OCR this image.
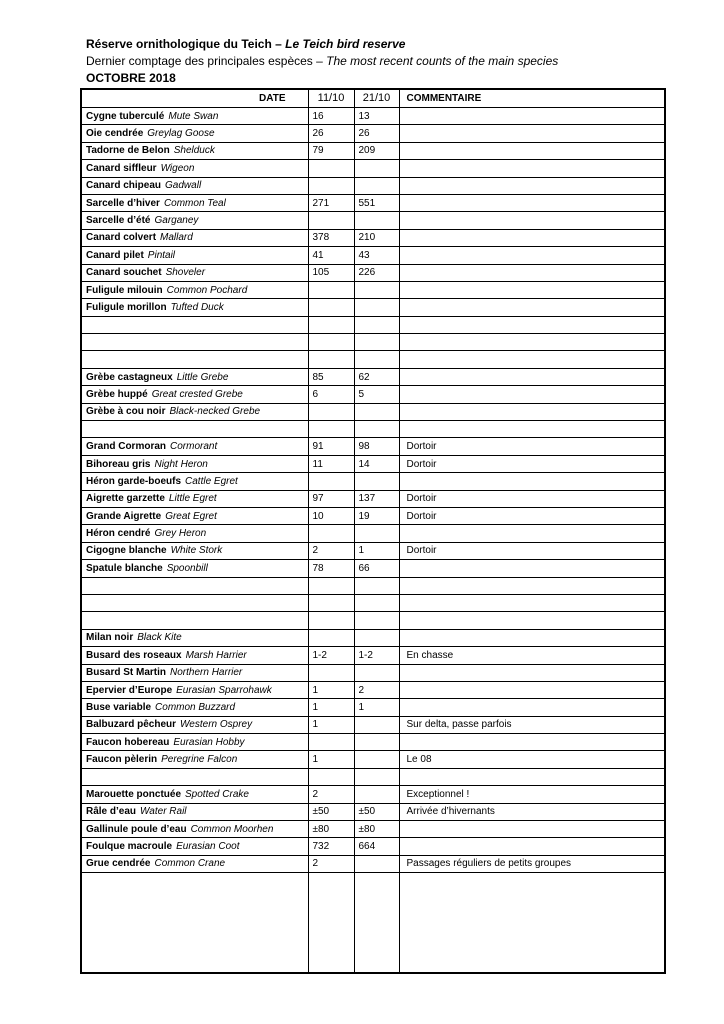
Réserve ornithologique du Teich – Le Teich bird reserve
Dernier comptage des principales espèces – The most recent counts of the main species
OCTOBRE 2018
DATE	11/10	21/10	COMMENTAIRE
Cygne tuberculé Mute Swan	16	13	
Oie cendrée Greylag Goose	26	26	
Tadorne de Belon Shelduck	79	209	
Canard siffleur Wigeon			
Canard chipeau Gadwall			
Sarcelle d’hiver Common Teal	271	551	
Sarcelle d’été Garganey			
Canard colvert Mallard	378	210	
Canard pilet Pintail	41	43	
Canard souchet Shoveler	105	226	
Fuligule milouin Common Pochard			
Fuligule morillon Tufted Duck			

Grèbe castagneux Little Grebe	85	62	
Grèbe huppé Great crested Grebe	6	5	
Grèbe à cou noir Black-necked Grebe			

Grand Cormoran Cormorant	91	98	Dortoir
Bihoreau gris Night Heron	11	14	Dortoir
Héron garde-boeufs Cattle Egret			
Aigrette garzette Little Egret	97	137	Dortoir
Grande Aigrette Great Egret	10	19	Dortoir
Héron cendré Grey Heron			
Cigogne blanche White Stork	2	1	Dortoir
Spatule blanche Spoonbill	78	66	

Milan noir Black Kite			
Busard des roseaux Marsh Harrier	1-2	1-2	En chasse
Busard St Martin Northern Harrier			
Epervier d’Europe Eurasian Sparrohawk	1	2	
Buse variable Common Buzzard	1	1	
Balbuzard pêcheur Western Osprey	1		Sur delta, passe parfois
Faucon hobereau Eurasian Hobby			
Faucon pèlerin Peregrine Falcon	1		Le 08

Marouette ponctuée Spotted Crake	2		Exceptionnel !
Râle d’eau Water Rail	±50	±50	Arrivée d’hivernants
Gallinule poule d’eau Common Moorhen	±80	±80	
Foulque macroule Eurasian Coot	732	664	
Grue cendrée Common Crane	2		Passages réguliers de petits groupes
